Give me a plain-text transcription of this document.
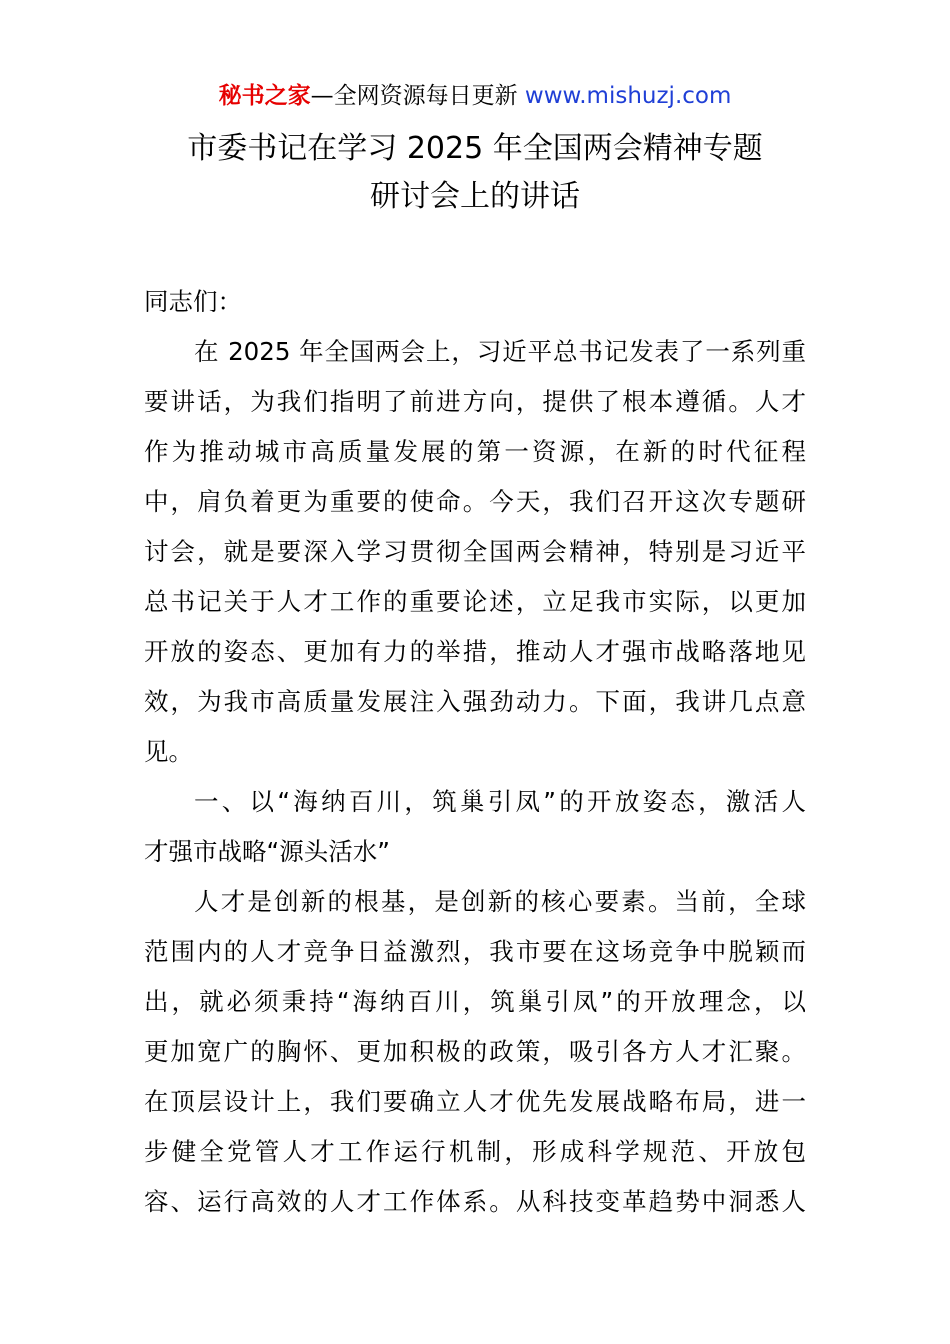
秘书之家—全网资源每日更新 www.mishuzj.com
市委书记在学习 2025 年全国两会精神专题
研讨会上的讲话
同志们：
在 2025 年全国两会上，习近平总书记发表了一系列重
要讲话，为我们指明了前进方向，提供了根本遵循。人才
作为推动城市高质量发展的第一资源，在新的时代征程
中，肩负着更为重要的使命。今天，我们召开这次专题研
讨会，就是要深入学习贯彻全国两会精神，特别是习近平
总书记关于人才工作的重要论述，立足我市实际，以更加
开放的姿态、更加有力的举措，推动人才强市战略落地见
效，为我市高质量发展注入强劲动力。下面，我讲几点意
见。
一、以“海纳百川，筑巢引凤”的开放姿态，激活人
才强市战略“源头活水”
人才是创新的根基，是创新的核心要素。当前，全球
范围内的人才竞争日益激烈，我市要在这场竞争中脱颖而
出，就必须秉持“海纳百川，筑巢引凤”的开放理念，以
更加宽广的胸怀、更加积极的政策，吸引各方人才汇聚。
在顶层设计上，我们要确立人才优先发展战略布局，进一
步健全党管人才工作运行机制，形成科学规范、开放包
容、运行高效的人才工作体系。从科技变革趋势中洞悉人
